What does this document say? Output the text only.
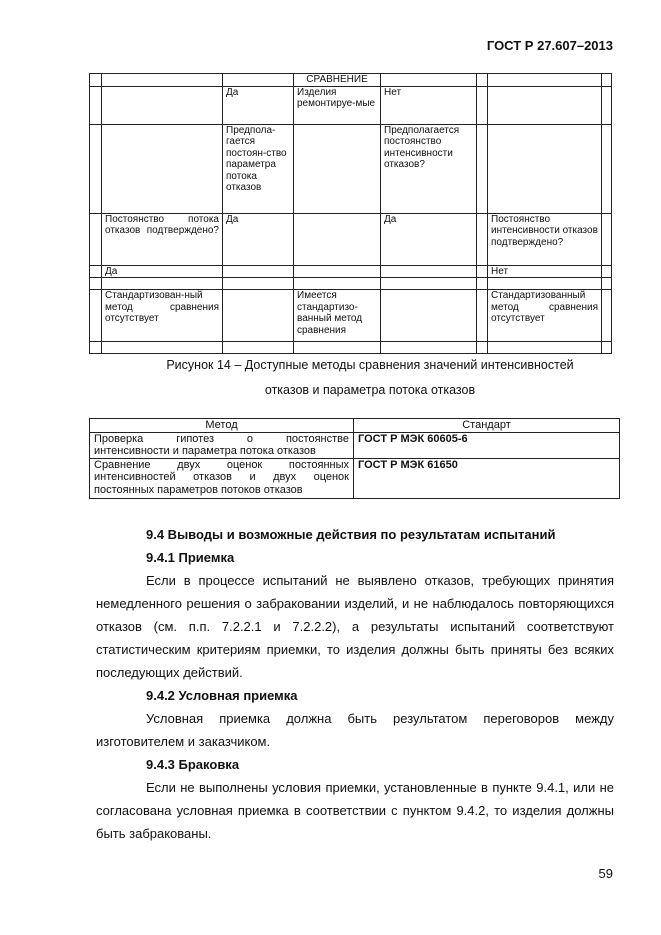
ГОСТ Р 27.607–2013
			СРАВНЕНИЕ				
		Да	Изделия ремонтируе-мые	Нет			
		Предпола-гается постоян-ство параметра потока отказов		Предполагается постоянство интенсивности отказов?			
	Постоянство потока отказов подтверждено?	Да		Да		Постоянство интенсивности отказов подтверждено?	
	Да					Нет	

	Стандартизован-ный метод сравнения отсутствует		Имеется стандартизо-ванный метод сравнения			Стандартизованный метод сравнения отсутствует	

Рисунок 14 – Доступные методы сравнения значений интенсивностей
отказов и параметра потока отказов
Метод	Стандарт

Проверка гипотез о постоянстве
интенсивности и параметра потока отказов	ГОСТ Р МЭК 60605-6

Сравнение двух оценок постоянных
интенсивностей отказов и двух оценок
постоянных параметров потоков отказов	ГОСТ Р МЭК 61650

9.4 Выводы и возможные действия по результатам испытаний

9.4.1 Приемка

Если в процессе испытаний не выявлено отказов, требующих принятия немедленного решения о забраковании изделий, и не наблюдалось повторяющихся отказов (см. п.п. 7.2.2.1 и 7.2.2.2), а результаты испытаний соответствуют статистическим критериям приемки, то изделия должны быть приняты без всяких последующих действий.

9.4.2 Условная приемка

Условная приемка должна быть результатом переговоров между изготовителем и заказчиком.

9.4.3 Браковка

Если не выполнены условия приемки, установленные в пункте 9.4.1, или не согласована условная приемка в соответствии с пунктом 9.4.2, то изделия должны быть забракованы.

59
